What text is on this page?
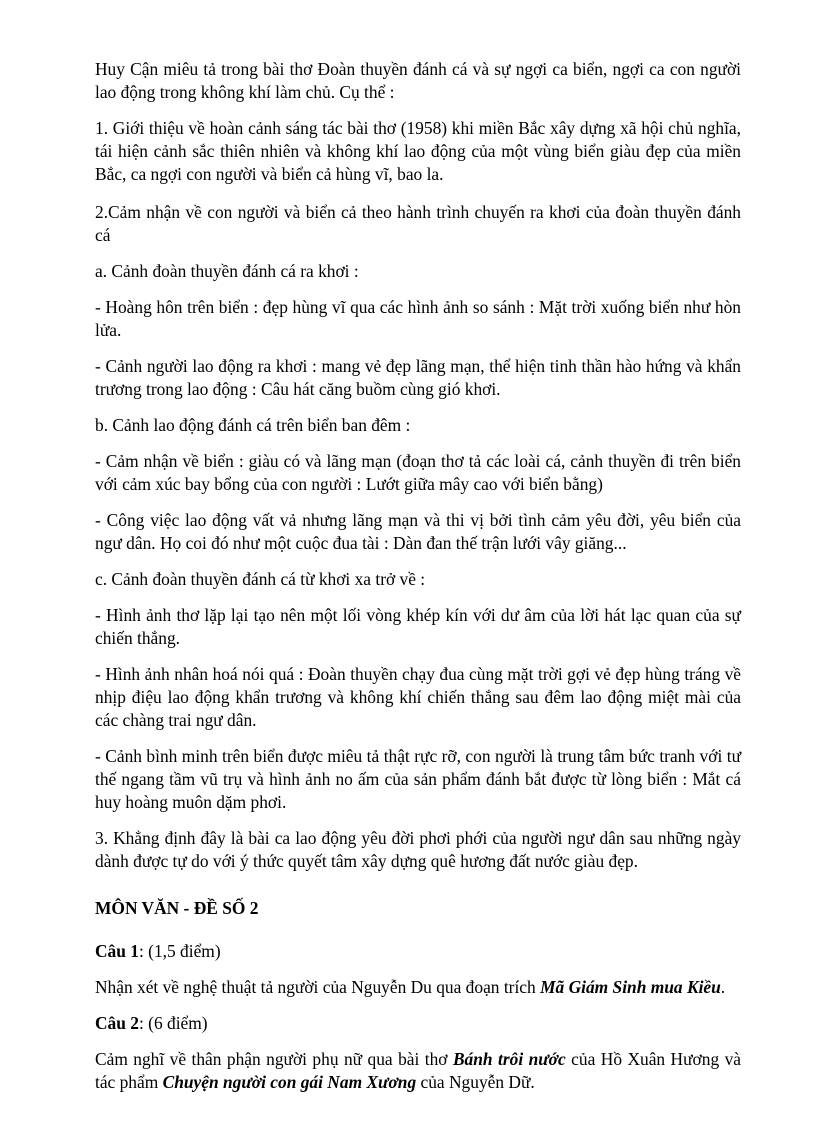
Huy Cận miêu tả trong bài thơ Đoàn thuyền đánh cá và sự ngợi ca biển, ngợi ca con người lao động trong không khí làm chủ. Cụ thể :

1. Giới thiệu về hoàn cảnh sáng tác bài thơ (1958) khi miền Bắc xây dựng xã hội chủ nghĩa, tái hiện cảnh sắc thiên nhiên và không khí lao động của một vùng biển giàu đẹp của miền Bắc, ca ngợi con người và biển cả hùng vĩ, bao la.

2.Cảm nhận về con người và biển cả theo hành trình chuyến ra khơi của đoàn thuyền đánh cá

a. Cảnh đoàn thuyền đánh cá ra khơi :

- Hoàng hôn trên biển : đẹp hùng vĩ qua các hình ảnh so sánh : Mặt trời xuống biển như hòn lửa.

- Cảnh người lao động ra khơi : mang vẻ đẹp lãng mạn, thể hiện tinh thần hào hứng và khẩn trương trong lao động : Câu hát căng buồm cùng gió khơi.

b. Cảnh lao động đánh cá trên biển ban đêm :

- Cảm nhận về biển : giàu có và lãng mạn (đoạn thơ tả các loài cá, cảnh thuyền đi trên biển với cảm xúc bay bổng của con người : Lướt giữa mây cao với biển bằng)

- Công việc lao động vất vả nhưng lãng mạn và thi vị bởi tình cảm yêu đời, yêu biển của ngư dân. Họ coi đó như một cuộc đua tài : Dàn đan thế trận lưới vây giăng...

c. Cảnh đoàn thuyền đánh cá từ khơi xa trở về :

- Hình ảnh thơ lặp lại tạo nên một lối vòng khép kín với dư âm của lời hát lạc quan của sự chiến thắng.

- Hình ảnh nhân hoá nói quá : Đoàn thuyền chạy đua cùng mặt trời gợi vẻ đẹp hùng tráng về nhịp điệu lao động khẩn trương và không khí chiến thắng sau đêm lao động miệt mài của các chàng trai ngư dân.

- Cảnh bình minh trên biển được miêu tả thật rực rỡ, con người là trung tâm bức tranh với tư thế ngang tầm vũ trụ và hình ảnh no ấm của sản phẩm đánh bắt được từ lòng biển : Mắt cá huy hoàng muôn dặm phơi.

3. Khẳng định đây là bài ca lao động yêu đời phơi phới của người ngư dân sau những ngày dành được tự do với ý thức quyết tâm xây dựng quê hương đất nước giàu đẹp.

MÔN VĂN - ĐỀ SỐ 2

Câu 1: (1,5 điểm)

Nhận xét về nghệ thuật tả người của Nguyễn Du qua đoạn trích Mã Giám Sinh mua Kiều.

Câu 2: (6 điểm)

Cảm nghĩ về thân phận người phụ nữ qua bài thơ Bánh trôi nước của Hồ Xuân Hương và tác phẩm Chuyện người con gái Nam Xương của Nguyễn Dữ.
